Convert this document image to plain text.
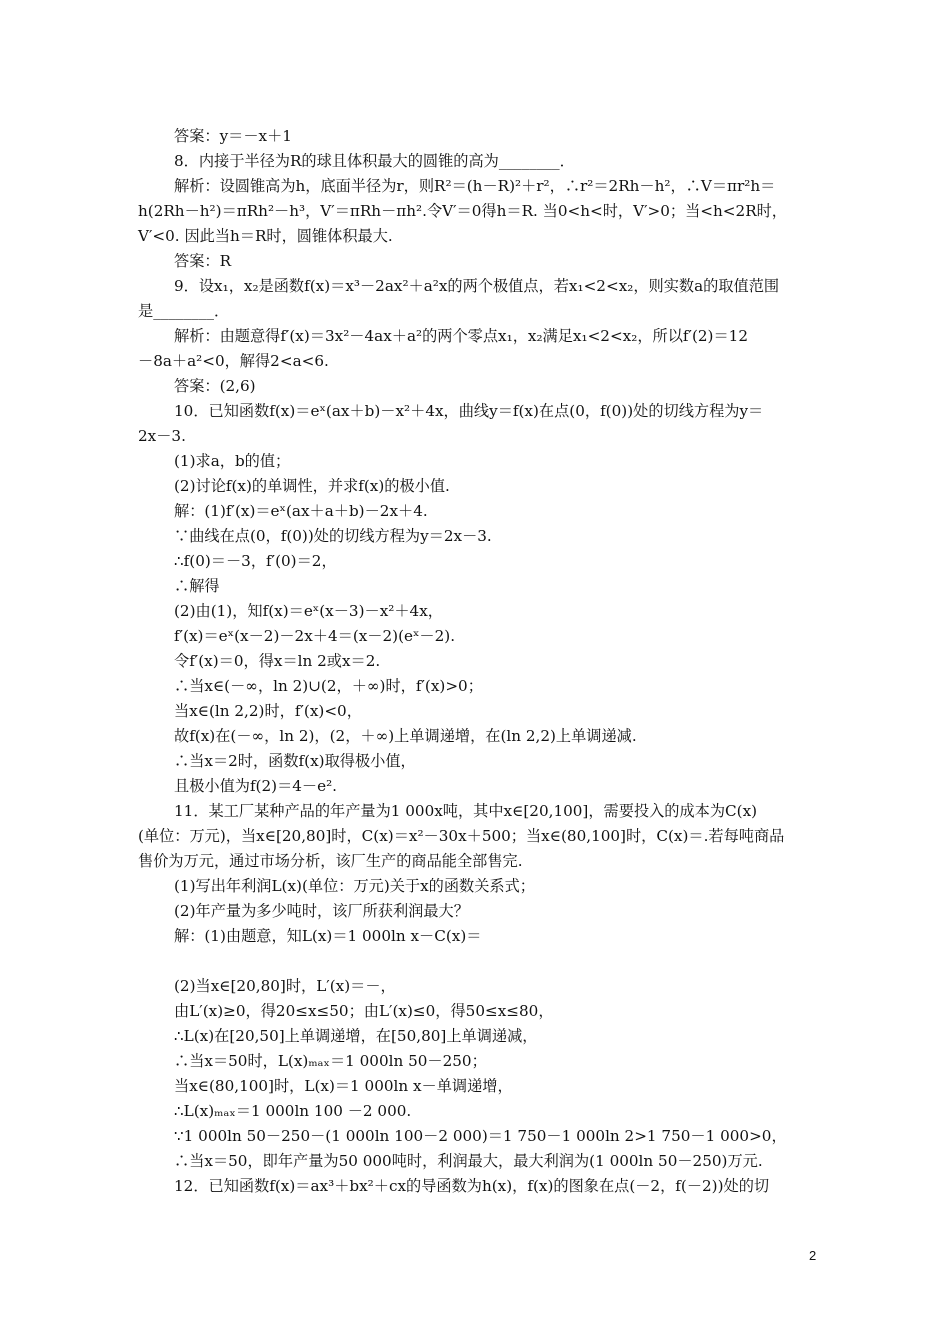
答案：y＝－x＋1
8．内接于半径为R的球且体积最大的圆锥的高为________．
解析：设圆锥高为h，底面半径为r，则R²＝(h－R)²＋r²，∴r²＝2Rh－h²，∴V＝πr²h＝
h(2Rh－h²)＝πRh²－h³，V′＝πRh－πh².令V′＝0得h＝R. 当0<h<时，V′>0；当<h<2R时，
V′<0. 因此当h＝R时，圆锥体积最大.
答案：R
9．设x₁，x₂是函数f(x)＝x³－2ax²＋a²x的两个极值点，若x₁<2<x₂，则实数a的取值范围
是________．
解析：由题意得f′(x)＝3x²－4ax＋a²的两个零点x₁，x₂满足x₁<2<x₂，所以f′(2)＝12
－8a＋a²<0，解得2<a<6.
答案：(2,6)
10．已知函数f(x)＝eˣ(ax＋b)－x²＋4x，曲线y＝f(x)在点(0，f(0))处的切线方程为y＝
2x－3.
(1)求a，b的值；
(2)讨论f(x)的单调性，并求f(x)的极小值.
解：(1)f′(x)＝eˣ(ax＋a＋b)－2x＋4.
∵曲线在点(0，f(0))处的切线方程为y＝2x－3.
∴f(0)＝－3，f′(0)＝2，
∴解得
(2)由(1)，知f(x)＝eˣ(x－3)－x²＋4x，
f′(x)＝eˣ(x－2)－2x＋4＝(x－2)(eˣ－2).
令f′(x)＝0，得x＝ln 2或x＝2.
∴当x∈(－∞，ln 2)∪(2，＋∞)时，f′(x)>0；
当x∈(ln 2,2)时，f′(x)<0，
故f(x)在(－∞，ln 2)，(2，＋∞)上单调递增，在(ln 2,2)上单调递减.
∴当x＝2时，函数f(x)取得极小值，
且极小值为f(2)＝4－e².
11．某工厂某种产品的年产量为1 000x吨，其中x∈[20,100]，需要投入的成本为C(x)
(单位：万元)，当x∈[20,80]时，C(x)＝x²－30x＋500；当x∈(80,100]时，C(x)＝.若每吨商品
售价为万元，通过市场分析，该厂生产的商品能全部售完.
(1)写出年利润L(x)(单位：万元)关于x的函数关系式；
(2)年产量为多少吨时，该厂所获利润最大？
解：(1)由题意，知L(x)＝1 000ln x－C(x)＝
(2)当x∈[20,80]时，L′(x)＝－，
由L′(x)≥0，得20≤x≤50；由L′(x)≤0，得50≤x≤80，
∴L(x)在[20,50]上单调递增，在[50,80]上单调递减，
∴当x＝50时，L(x)ₘₐₓ＝1 000ln 50－250；
当x∈(80,100]时，L(x)＝1 000ln x－单调递增，
∴L(x)ₘₐₓ＝1 000ln 100 －2 000.
∵1 000ln 50－250－(1 000ln 100－2 000)＝1 750－1 000ln 2>1 750－1 000>0，
∴当x＝50，即年产量为50 000吨时，利润最大，最大利润为(1 000ln 50－250)万元.
12．已知函数f(x)＝ax³＋bx²＋cx的导函数为h(x)，f(x)的图象在点(－2，f(－2))处的切
2
